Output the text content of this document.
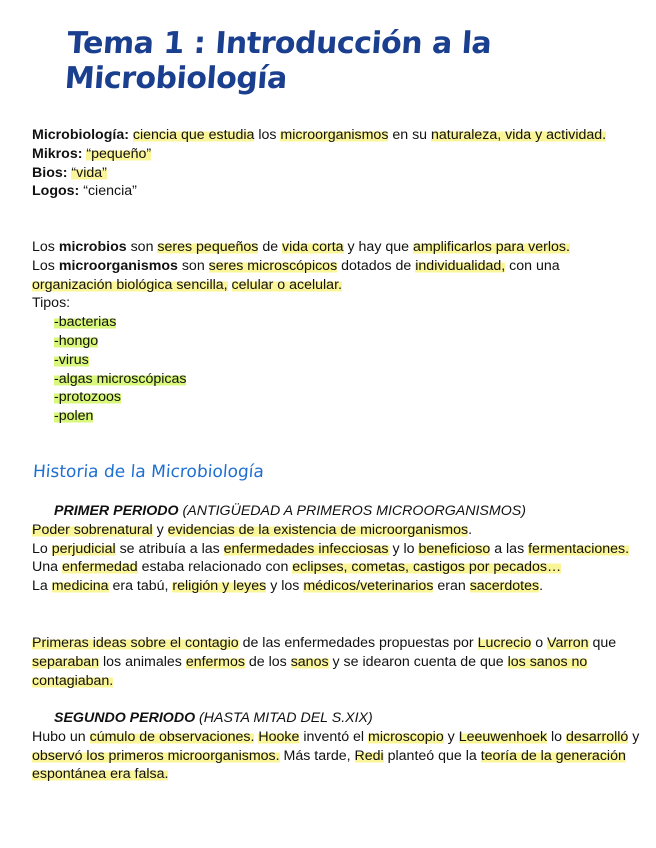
Tema 1 : Introducción a la Microbiología

Microbiología: ciencia que estudia los microorganismos en su naturaleza, vida y actividad.

Mikros: “pequeño”

Bios: “vida”

Logos: “ciencia”

Los microbios son seres pequeños de vida corta y hay que amplificarlos para verlos.

Los microorganismos son seres microscópicos dotados de individualidad, con una organización biológica sencilla, celular o acelular.

Tipos:

-bacterias

-hongo

-virus

-algas microscópicas

-protozoos

-polen

Historia de la Microbiología

PRIMER PERIODO (ANTIGÜEDAD A PRIMEROS MICROORGANISMOS)

Poder sobrenatural y evidencias de la existencia de microorganismos.

Lo perjudicial se atribuía a las enfermedades infecciosas y lo beneficioso a las fermentaciones.

Una enfermedad estaba relacionado con eclipses, cometas, castigos por pecados…

La medicina era tabú, religión y leyes y los médicos/veterinarios eran sacerdotes.

Primeras ideas sobre el contagio de las enfermedades propuestas por Lucrecio o Varron que separaban los animales enfermos de los sanos y se idearon cuenta de que los sanos no contagiaban.

SEGUNDO PERIODO (HASTA MITAD DEL S.XIX)

Hubo un cúmulo de observaciones. Hooke inventó el microscopio y Leeuwenhoek lo desarrolló y observó los primeros microorganismos. Más tarde, Redi planteó que la teoría de la generación espontánea era falsa.
